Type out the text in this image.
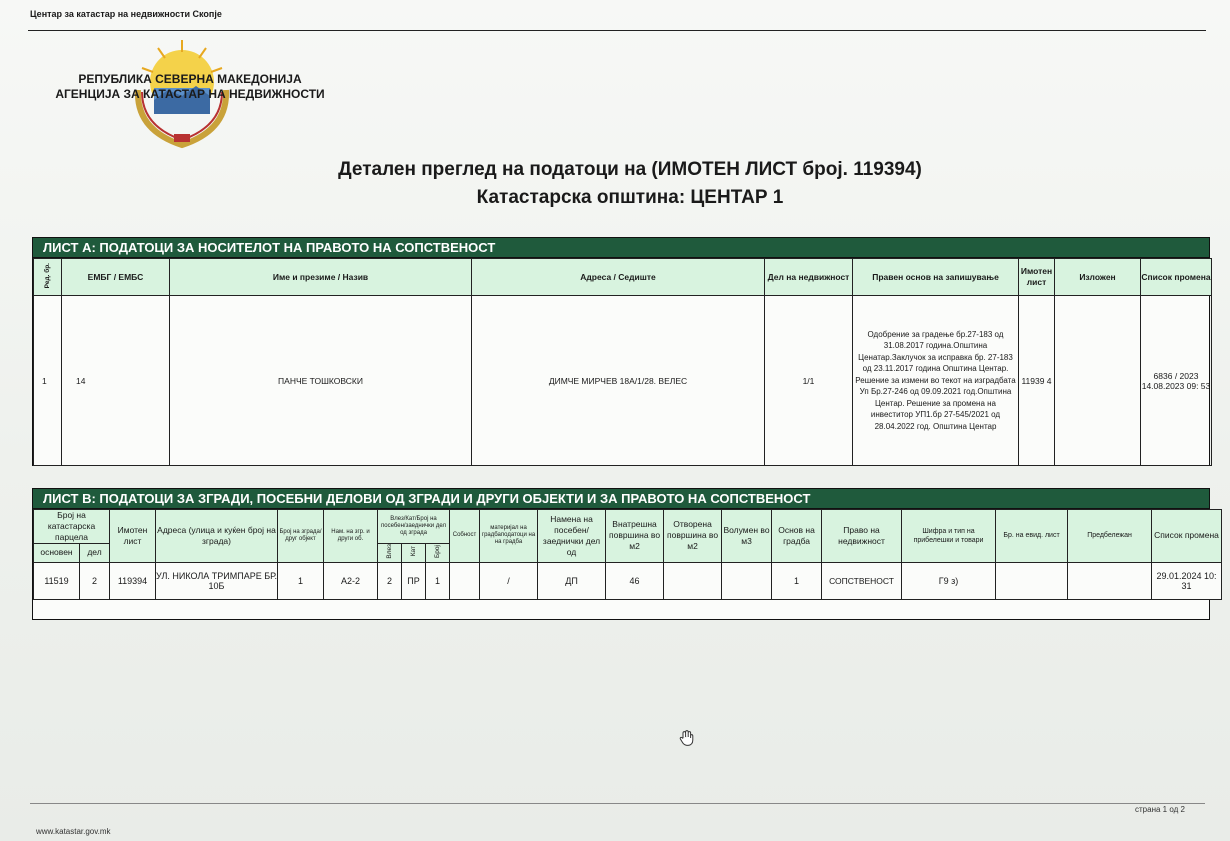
Центар за катастар на недвижности Скопје
РЕПУБЛИКА СЕВЕРНА МАКЕДОНИЈА
АГЕНЦИЈА ЗА КАТАСТАР НА НЕДВИЖНОСТИ
Детален преглед на податоци на (ИМОТЕН ЛИСТ број. 119394)
Катастарска општина: ЦЕНТАР 1
ЛИСТ А: ПОДАТОЦИ ЗА НОСИТЕЛОТ НА ПРАВОТО НА СОПСТВЕНОСТ
Ред. бр.	ЕМБГ / ЕМБС	Име и презиме / Назив	Адреса / Седиште	Дел на недвижност	Правен основ на запишување	Имотен лист	Изложен	Список промена
1	14	ПАНЧЕ ТОШКОВСКИ	ДИМЧЕ МИРЧЕВ 18А/1/28. ВЕЛЕС	1/1	Одобрение за градење бр.27-183 од 31.08.2017 година.Општина Ценатар.Заклучок за исправка бр. 27-183 од 23.11.2017 година Општина Центар. Решение за измени во текот на изградбата Уп Бр.27-246 од 09.09.2021 год.Општина Центар. Решение за промена на инвеститор УП1.бр 27-545/2021 од 28.04.2022 год. Општина Центар	11939 4		6836 / 2023 14.08.2023 09: 53
ЛИСТ В: ПОДАТОЦИ ЗА ЗГРАДИ, ПОСЕБНИ ДЕЛОВИ ОД ЗГРАДИ И ДРУГИ ОБЈЕКТИ И ЗА ПРАВОТО НА СОПСТВЕНОСТ
Број на катастарска парцела		Имотен лист	Адреса (улица и куќен број на зграда)	Број на зграда/друг објект	Нам. на згр. и други об.	Влез/Кат/Број на посебен/заеднички дел од зграда			Собност	материјал на градбаподатоци на на градба	Намена на посебен/ заеднички дел од	Внатрешна површина во м2	Отворена површина во м2	Волумен во м3	Основ на градба	Право на недвижност	Шифра и тип на прибелешки и товари	Бр. на евид. лист	Предбележан	Список промена
основен	дел					Влез	Кат	Број												
11519	2	119394	УЛ. НИКОЛА ТРИМПАРЕ БР. 10Б	1	А2-2	2	ПР	1		/	ДП	46			1	СОПСТВЕНОСТ	Г9 з)			29.01.2024 10: 31
страна 1 од 2
www.katastar.gov.mk
